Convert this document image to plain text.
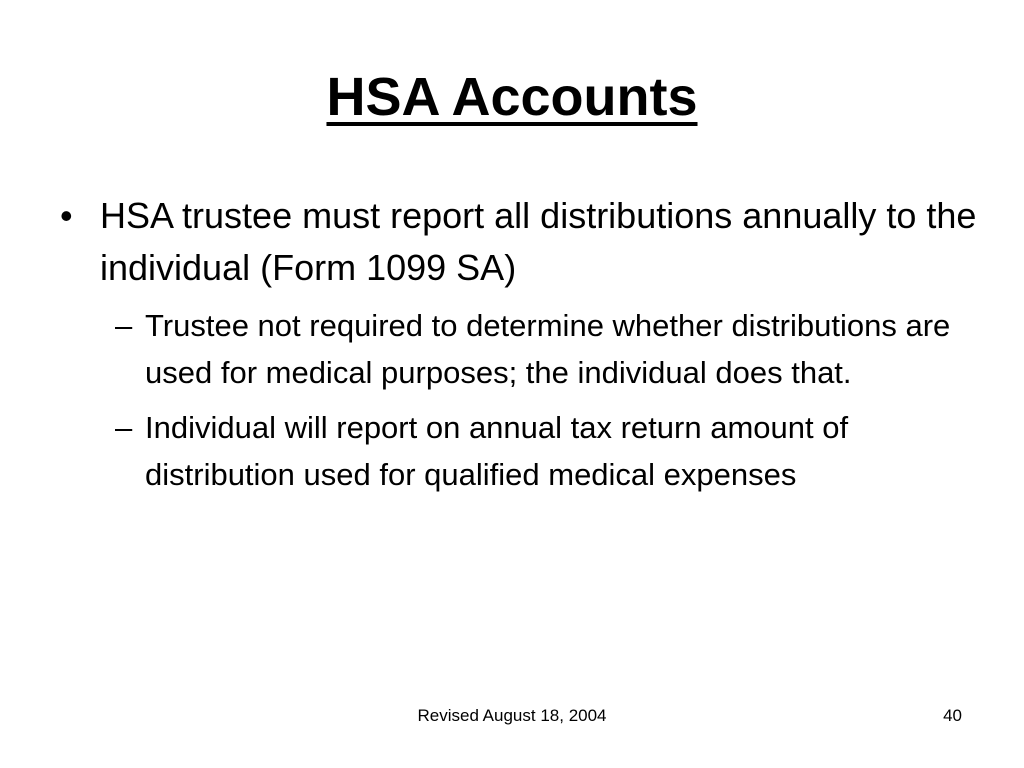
HSA Accounts
• HSA trustee must report all distributions annually to the individual (Form 1099 SA)
– Trustee not required to determine whether distributions are used for medical purposes; the individual does that.
– Individual will report on annual tax return amount of distribution used for qualified medical expenses
Revised August 18, 2004	40
